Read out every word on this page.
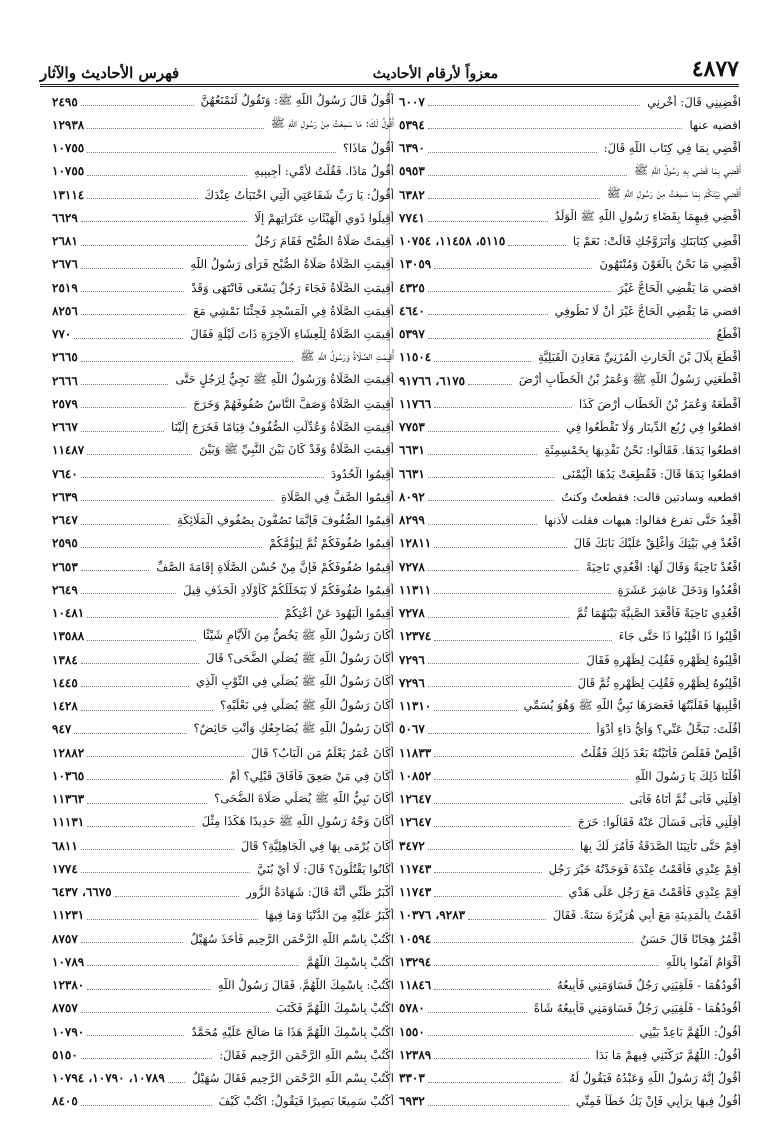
٤٨٧٧
معزواً لأرقام الأحاديث
فهرس الأحاديث والآثار
اقْضِينِي قَالَ: أَخْرِنِي
٦٠٠٧
اقضيه عنها
٥٣٩٤
أَقْضِي بِمَا فِي كِتَابِ اللَّهِ قَالَ:
٦٣٩٠
أَقْضِي بِمَا قَضَى بِهِ رَسُولُ اللَّهِ ﷺ
٥٩٥٣
أَقْضِي بَيْنَكُمْ بِمَا سَمِعْتُ مِنْ رَسُولِ اللَّهِ ﷺ
٦٣٨٢
أَقْضِي فِيهِمَا بِقَضَاءِ رَسُولِ اللَّهِ ﷺ الْوَلَدُ
٧٧٤١
أَقْضِي كِتَابَتَكِ وَأَتَزَوَّجُكِ قَالَتْ: نَعَمْ يَا
٥١١٥، ١١٤٥٨، ١٠٧٥٤
أَقْضِي مَا نَحْنُ بِالْغَوْنَ وَمُنْتَهُونَ
١٣٠٥٩
اقضي مَا يَقْضِي الْحَاجُّ غَيْرَ
٤٣٢٥
اقضي مَا يَقْضِي الْحَاجُّ غَيْرَ أَنْ لَا تَطُوفِي
٤٦٤٠
أَقْطَعُ
٥٣٩٧
أَقْطَعَ بِلَالَ بْنَ الْحَارِثِ الْمُزَنِيِّ مَعَادِنَ الْقَبَلِيَّةِ
١١٥٠٤
أَقْطَعَنِي رَسُولُ اللَّهِ ﷺ وَعُمَرُ بْنُ الْخَطَّابِ أَرْضَ
٦١٧٥، ٩١٧٦٦
أَقْطَعَهُ وَعُمَرُ بْنُ الْخَطَّابِ أَرْضَ كَذَا
١١٧٦٦
اقطعُوا فِي رُبُعِ الدِّينَارِ وَلَا تَقْطَعُوا فِي
٧٧٥٣
اقطعُوا يَدَهَا. فَقَالُوا: نَحْنُ نَفْدِيهَا بِخَمْسِمِئَةٍ
٦٦٣١
اقطعُوا يَدَهَا قَالَ: فَقُطِعَتْ يَدُهَا الْيُمْنَى
٦٦٣١
اقطعيه وسادتين قالت: فقطعتُ وكنتُ
٨٠٩٢
أَقْعِدُ حَتَّى تفرغ فقالوا: هيهات فقلت لأذنها
٨٢٩٩
اقْعُدْ فِي بَيْتِكَ وَأَغْلِقْ عَلَيْكَ بَابَكَ قَالَ
١٢٨١١
اقْعُدْ نَاحِيَةً وَقَالَ لَهَا: اقْعُدِي نَاحِيَةً
٧٢٧٨
اقْعُدُوا وَدَخَلَ عَاشِرَ عَشَرَةٍ
١١٣١١
اقْعُدِي نَاحِيَةً فَأَقْعَدَ الصَّبِيَّةَ بَيْنَهُمَا ثُمَّ
٧٢٧٨
اقْلِبُوا ذَا اقْلِبُوا ذَا حَتَّى جَاءَ
١٢٣٧٤
اقْلِبُوهُ لِظَهْرِهِ فَقُلِبَ لِظَهْرِهِ فَقَالَ
٧٢٩٦
اقْلِبُوهُ لِظَهْرِهِ فَقُلِبَ لِظَهْرِهِ ثُمَّ قَالَ
٧٢٩٦
اقْلِبِيهَا فَقَلَبْتُهَا فَعَصَرَهَا نَبِيُّ اللَّهِ ﷺ وَهُوَ يُسَمِّي
١١٣١٠
أَقُلْتَ: تَبَخَّلُ عَنِّي؟ وَأَيُّ دَاءٍ أَدْوَأُ
٥٠٦٧
اقْلِصْ فَقَلَصَ فَأَتَيْتُهُ بَعْدَ ذَلِكَ فَقُلْتُ
١١٨٣٣
أَقُلْنَا ذَلِكَ يَا رَسُولَ اللَّهِ
١٠٨٥٢
أَقِلْنِي فَأَبَى ثُمَّ أَتَاهُ فَأَبَى
١٢٦٤٧
أَقِلْنِي فَأَبَى فَسَأَلَ عَنْهُ فَقَالُوا: خَرَجَ
١٢٦٤٧
أَقِمْ حَتَّى تَأْتِيَنَا الصَّدَقَةُ فَأَمُرَ لَكَ بِهَا
٣٤٧٢
أَقِمْ عِنْدِي فَأَقَمْتُ عِنْدَهُ فَوَجَدْتُهُ خَيْرَ رَجُلٍ
١١٧٤٣
أَقِمْ عِنْدِي فَأَقَمْتُ مَعَ رَجُلٍ عَلَى هَدْيِ
١١٧٤٣
أَقَمْتُ بِالْمَدِينَةِ مَعَ أَبِي هُرَيْرَةَ سَنَةً. فَقَالَ
٩٢٨٣، ١٠٣٧٦
أَقْمُرُ هِجَانًا قَالَ حَسَنٌ
١٠٥٩٤
أَقْوَامٌ آمَنُوا بِاللَّهِ
١٣٢٩٤
أَقُودُهُمَا - فَلَقِيَنِي رَجُلٌ فَسَاوَمَنِي فَأَبِيعُهُ
١١٨٤٦
أَقُودُهُمَا - فَلَقِيَنِي رَجُلٌ فَسَاوَمَنِي فَأَبِيعُهُ شَاةً
٥٧٨٠
أَقُولُ: اللَّهُمَّ بَاعِدْ بَيْنِي
١٥٥٠
أَقُولُ: اللَّهُمَّ تَرَكْتَنِي فِيهِمْ مَا بَدَا
١٢٣٨٩
أَقُولُ إِنَّهُ رَسُولُ اللَّهِ وَعَبْدُهُ فَيَقُولُ لَهُ
٣٣٠٣
أَقُولُ فِيهَا بِرَأْيِي فَإِنْ يَكُ خَطَأً فَمِنِّي
٦٩٣٢
أَقُولُ قَالَ رَسُولُ اللَّهِ ﷺ: وَتَقُولُ لَنَمْنَعُهُنَّ
٢٤٩٥
أَقُولُ لَكَ: مَا سَمِعْتُ مِنْ رَسُولِ اللَّهِ ﷺ
١٢٩٣٨
أَقُولُ مَاذَا؟
١٠٧٥٥
أَقُولُ مَاذَا. فَقُلْتُ لأُمِّي: أَجِيبِيهِ
١٠٧٥٥
أَقُولُ: يَا رَبِّ شَفَاعَتِي الَّتِي اخْتَبَأْتُ عِنْدَكَ
١٣١١٤
أَقِيلُوا ذَوِي الْهَيْئَاتِ عَثَرَاتِهِمْ إِلَّا
٦٦٢٩
أُقِيمَتْ صَلَاةُ الصُّبْحِ فَقَامَ رَجُلٌ
٢٦٨١
أُقِيمَتِ الصَّلَاةُ صَلَاةُ الصُّبْحِ فَرَأَى رَسُولُ اللَّهِ
٢٦٧٦
أُقِيمَتِ الصَّلَاةُ فَجَاءَ رَجُلٌ يَسْعَى فَانْتَهَى وَقَدْ
٢٥١٩
أُقِيمَتِ الصَّلَاةُ فِي الْمَسْجِدِ فَجِئْنَا نَمْشِي مَعَ
٨٢٥٦
أُقِيمَتِ الصَّلَاةُ لِلْعِشَاءِ الْآخِرَةِ ذَاتَ لَيْلَةٍ فَقَالَ
٧٧٠
أُقِيمَتِ الصَّلَاةُ وَرَسُولُ اللَّهِ ﷺ
٢٦٦٥
أُقِيمَتِ الصَّلَاةُ وَرَسُولُ اللَّهِ ﷺ نَجِيٌّ لِرَجُلٍ حَتَّى
٢٦٦٦
أُقِيمَتِ الصَّلَاةُ وَصَفَّ النَّاسُ صُفُوفَهُمْ وَخَرَجَ
٢٥٧٩
أُقِيمَتِ الصَّلَاةُ وَعُدِّلَتِ الصُّفُوفُ قِيَامًا فَخَرَجَ إِلَيْنَا
٢٦٦٧
أُقِيمَتِ الصَّلَاةُ وَقَدْ كَانَ بَيْنَ النَّبِيِّ ﷺ وَبَيْنَ
١١٤٨٧
أَقِيمُوا الْحُدُودَ
٧٦٤٠
أَقِيمُوا الصَّفَّ فِي الصَّلَاةِ
٢٦٣٩
أَقِيمُوا الصُّفُوفَ فَإِنَّمَا تَصُفُّونَ بِصُفُوفِ الْمَلَائِكَةِ
٢٦٤٧
أَقِيمُوا صُفُوفَكُمْ ثُمَّ لِيَؤُمَّكُمْ
٢٥٩٥
أَقِيمُوا صُفُوفَكُمْ فَإِنَّ مِنْ حُسْنِ الصَّلَاةِ إِقَامَةَ الصَّفِّ
٢٦٥٣
أَقِيمُوا صُفُوفَكُمْ لَا يَتَخَلَّلُكُمْ كَأَوْلَادِ الْحَذَفِ قِيلَ
٢٦٤٩
أَقِيمُوا الْيَهُودَ عَنْ أَعْتِكُمْ
١٠٤٨١
أَكَانَ رَسُولُ اللَّهِ ﷺ يَخُصُّ مِنَ الْأَيَّامِ شَيْئًا
١٣٥٨٨
أَكَانَ رَسُولُ اللَّهِ ﷺ يُصَلِّي الضُّحَى؟ قَالَ
١٣٨٤
أَكَانَ رَسُولُ اللَّهِ ﷺ يُصَلِّي فِي الثَّوْبِ الَّذِي
١٤٤٥
أَكَانَ رَسُولُ اللَّهِ ﷺ يُصَلِّي فِي نَعْلَيْهِ؟
١٤٢٨
أَكَانَ رَسُولُ اللَّهِ ﷺ يُضَاجِعُكِ وَأَنْتِ حَائِضٌ؟
٩٤٧
أَكَانَ عُمَرُ يَعْلَمُ مَنِ الْبَابُ؟ قَالَ
١٢٨٨٢
أَكَانَ فِي مَنْ صَعِقَ فَأَفَاقَ قَبْلِي؟ أَمْ
١٠٣٦٥
أَكَانَ نَبِيُّ اللَّهِ ﷺ يُصَلِّي صَلَاةَ الضُّحَى؟
١١٣٦٣
أَكَانَ وَجْهُ رَسُولِ اللَّهِ ﷺ حَدِيدًا هَكَذَا مِثْلَ
١١١٣١
أَكَانَ يُرْمَى بِهَا فِي الْجَاهِلِيَّةِ؟ قَالَ
٦٨١١
أَكَانُوا يَقْتُلُونَ؟ قَالَ: لَا أَيْ بُنَيَّ
١٧٧٤
أَكْبَرُ ظَنِّي أَنَّهُ قَالَ: شَهَادَةُ الزُّورِ
٦٦٧٥، ٦٤٣٧
أَكْبَرُ عَلَيْهِ مِنَ الدُّنْيَا وَمَا فِيهَا
١١٢٣١
اكْتُبْ بِاسْمِ اللَّهِ الرَّحْمَنِ الرَّحِيمِ فَأَخَذَ سُهَيْلٌ
٨٧٥٧
اكْتُبْ بِاسْمِكَ اللَّهُمَّ
١٠٧٨٩
اكْتُبْ: بِاسْمِكَ اللَّهُمَّ. فَقَالَ رَسُولُ اللَّهِ
١٢٣٨٠
اكْتُبْ بِاسْمِكَ اللَّهُمَّ فَكَتَبَ
٨٧٥٧
اكْتُبْ بِاسْمِكَ اللَّهُمَّ هَذَا مَا صَالَحَ عَلَيْهِ مُحَمَّدٌ
١٠٧٩٠
اكْتُبْ بِسْمِ اللَّهِ الرَّحْمَنِ الرَّحِيمِ فَقَالَ:
٥١٥٠
اكْتُبْ بِسْمِ اللَّهِ الرَّحْمَنِ الرَّحِيمِ فَقَالَ سُهَيْلٌ
١٠٧٨٩، ١٠٧٩٠، ١٠٧٩٤
أُكْتُبْ سَمِيعًا بَصِيرًا فَيَقُولُ: اكْتُبْ كَيْفَ
٨٤٠٥
